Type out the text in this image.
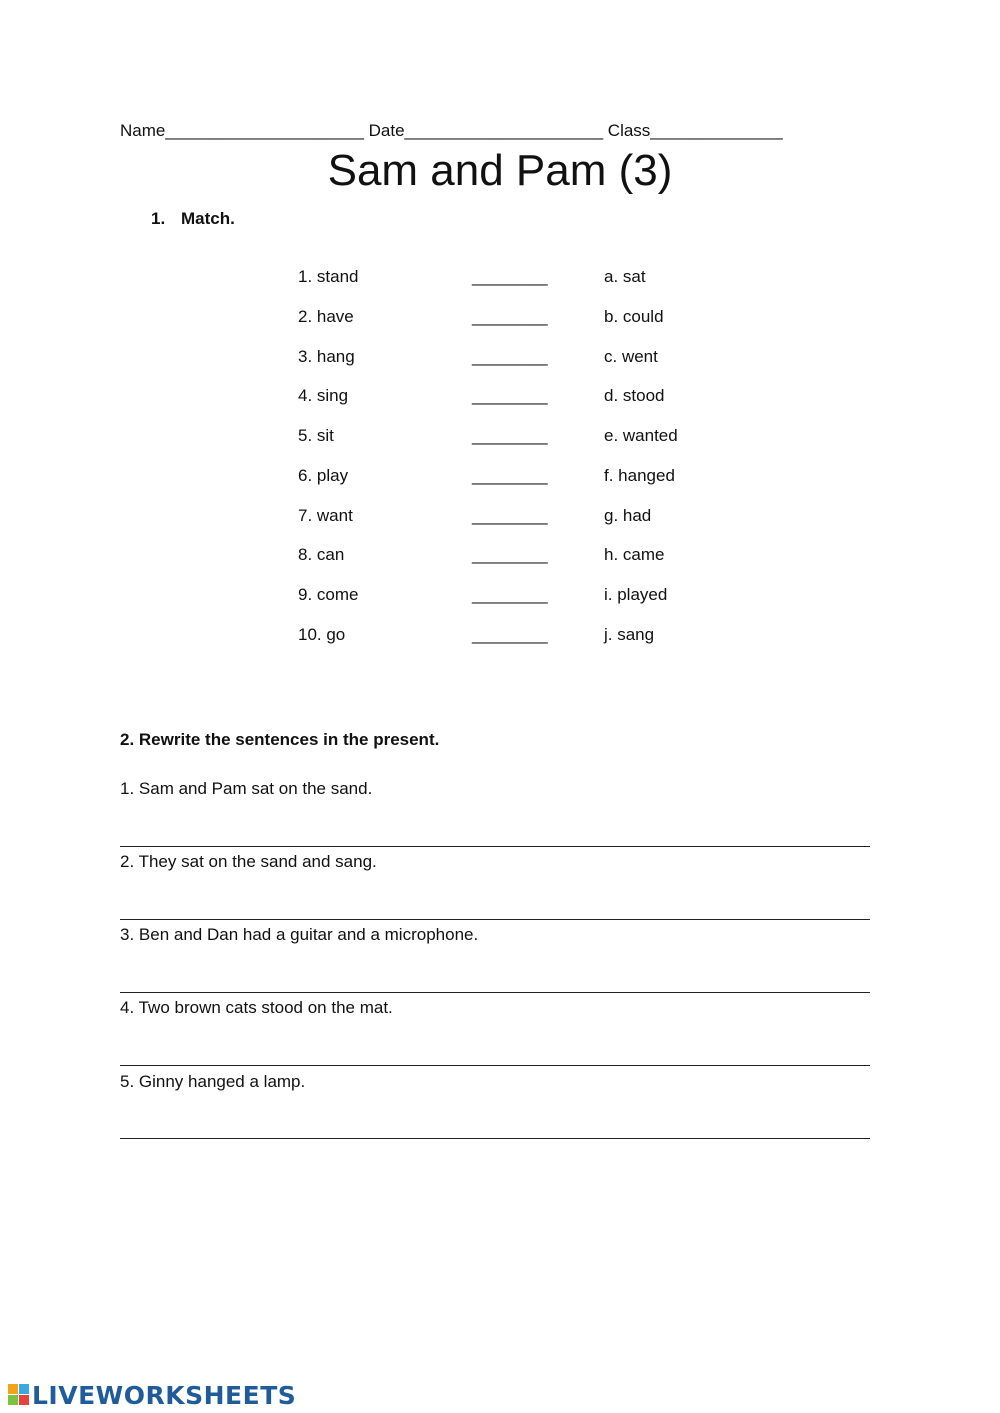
Name_____________________ Date_____________________ Class______________
Sam and Pam (3)
1. Match.
1. stand	________	a. sat
2. have	________	b. could
3. hang	________	c. went
4. sing	________	d. stood
5. sit	________	e. wanted
6. play	________	f. hanged
7. want	________	g. had
8. can	________	h. came
9. come	________	i. played
10. go	________	j. sang
2. Rewrite the sentences in the present.
1. Sam and Pam sat on the sand.
2. They sat on the sand and sang.
3. Ben and Dan had a guitar and a microphone.
4. Two brown cats stood on the mat.
5. Ginny hanged a lamp.
LIVEWORKSHEETS
